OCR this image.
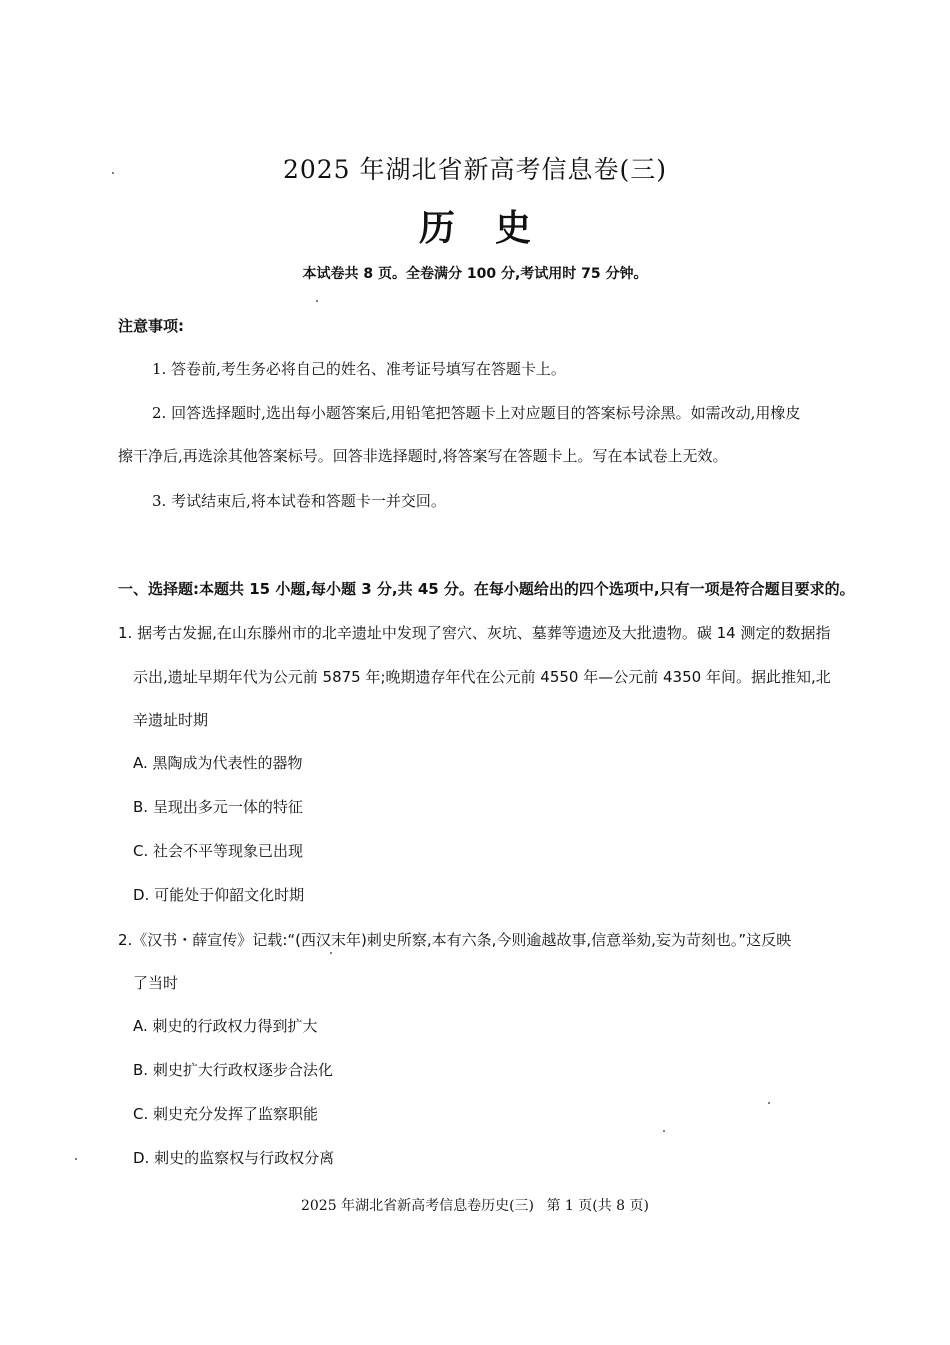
2025 年湖北省新高考信息卷(三)
历史
本试卷共 8 页。全卷满分 100 分,考试用时 75 分钟。
注意事项:
1. 答卷前,考生务必将自己的姓名、准考证号填写在答题卡上。
2. 回答选择题时,选出每小题答案后,用铅笔把答题卡上对应题目的答案标号涂黑。如需改动,用橡皮
擦干净后,再选涂其他答案标号。回答非选择题时,将答案写在答题卡上。写在本试卷上无效。
3. 考试结束后,将本试卷和答题卡一并交回。
一、选择题:本题共 15 小题,每小题 3 分,共 45 分。在每小题给出的四个选项中,只有一项是符合题目要求的。
1. 据考古发掘,在山东滕州市的北辛遗址中发现了窖穴、灰坑、墓葬等遗迹及大批遗物。碳 14 测定的数据指
示出,遗址早期年代为公元前 5875 年;晚期遗存年代在公元前 4550 年—公元前 4350 年间。据此推知,北
辛遗址时期
A. 黑陶成为代表性的器物
B. 呈现出多元一体的特征
C. 社会不平等现象已出现
D. 可能处于仰韶文化时期
2.《汉书・薛宣传》记载:“(西汉末年)刺史所察,本有六条,今则逾越故事,信意举劾,妄为苛刻也。”这反映
了当时
A. 刺史的行政权力得到扩大
B. 刺史扩大行政权逐步合法化
C. 刺史充分发挥了监察职能
D. 刺史的监察权与行政权分离
2025 年湖北省新高考信息卷历史(三) 第 1 页(共 8 页)
